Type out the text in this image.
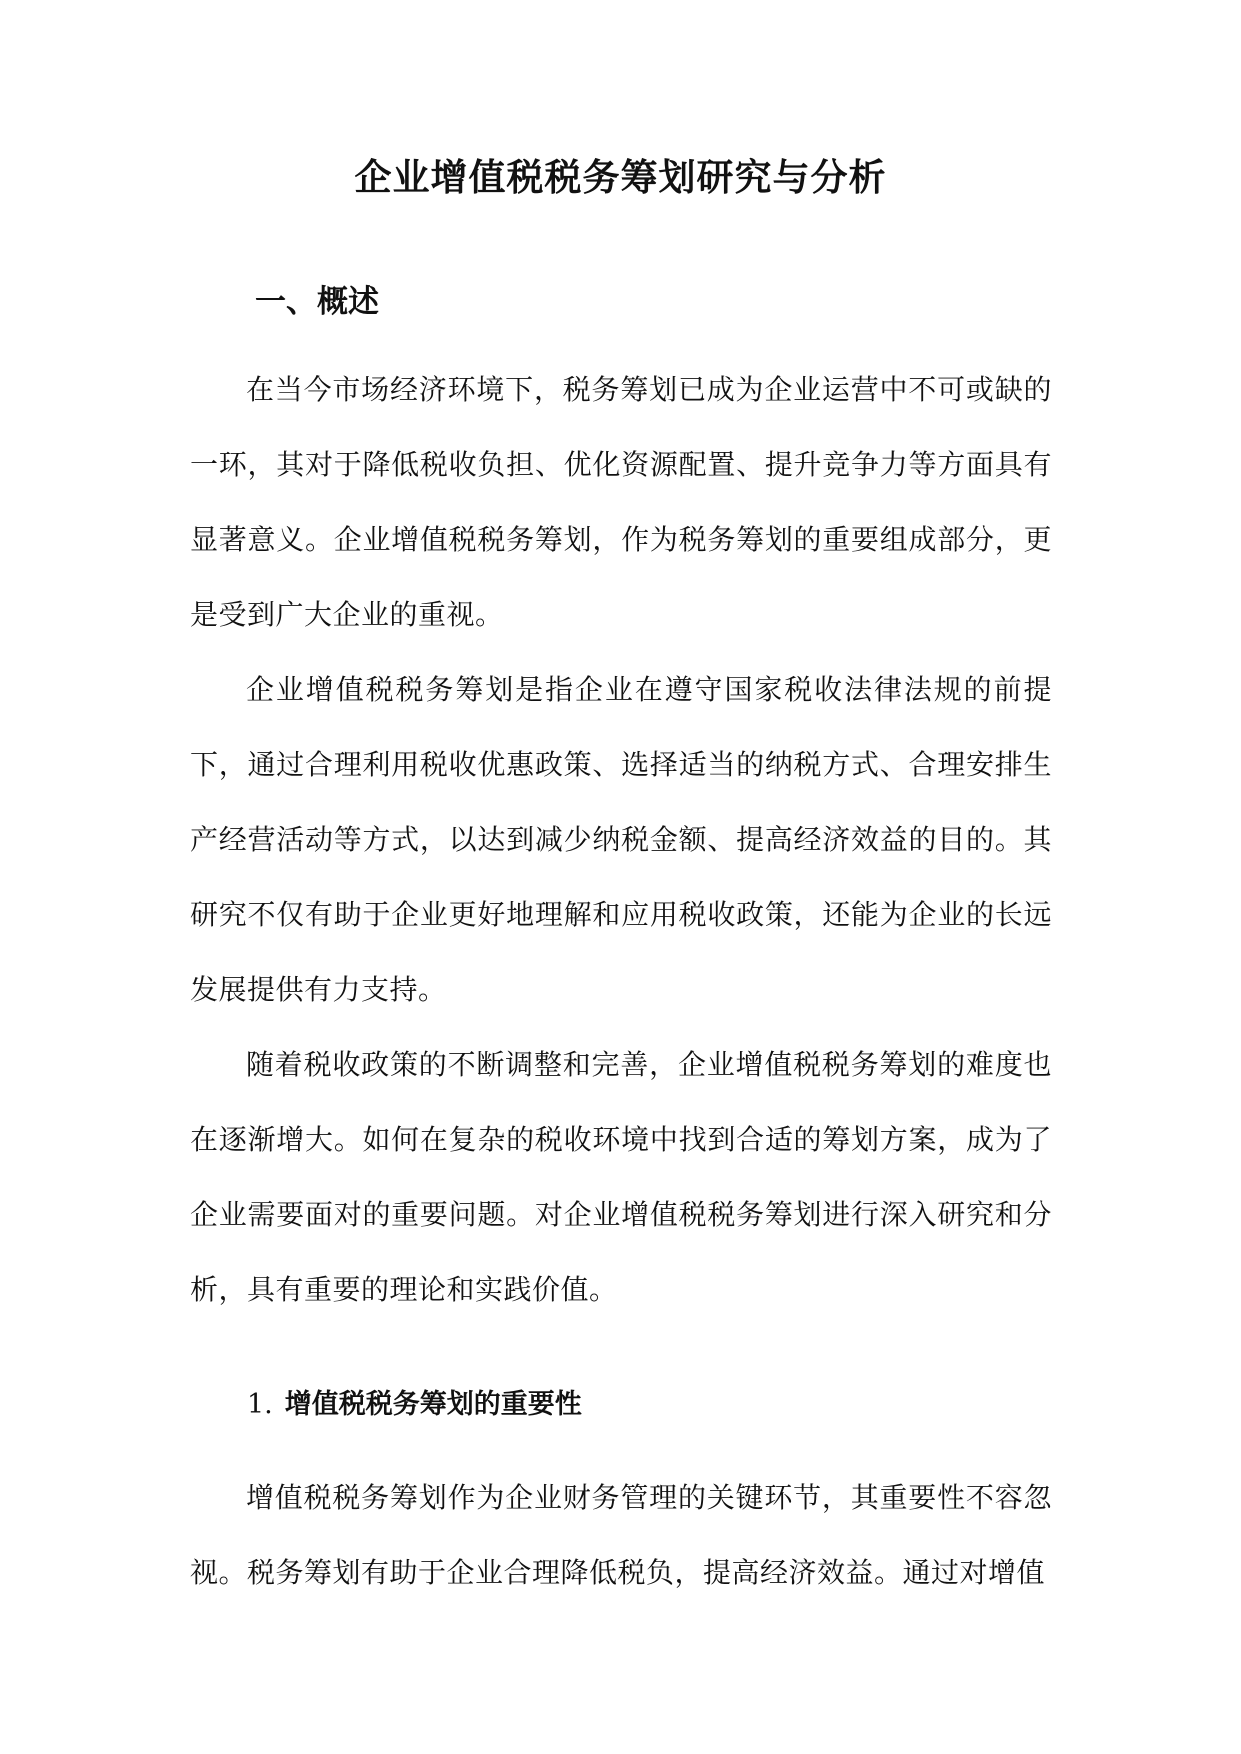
企业增值税税务筹划研究与分析
一、概述

在当今市场经济环境下，税务筹划已成为企业运营中不可或缺的一环，其对于降低税收负担、优化资源配置、提升竞争力等方面具有显著意义。企业增值税税务筹划，作为税务筹划的重要组成部分，更是受到广大企业的重视。

企业增值税税务筹划是指企业在遵守国家税收法律法规的前提下，通过合理利用税收优惠政策、选择适当的纳税方式、合理安排生产经营活动等方式，以达到减少纳税金额、提高经济效益的目的。其研究不仅有助于企业更好地理解和应用税收政策，还能为企业的长远发展提供有力支持。

随着税收政策的不断调整和完善，企业增值税税务筹划的难度也在逐渐增大。如何在复杂的税收环境中找到合适的筹划方案，成为了企业需要面对的重要问题。对企业增值税税务筹划进行深入研究和分析，具有重要的理论和实践价值。

1. 增值税税务筹划的重要性

增值税税务筹划作为企业财务管理的关键环节，其重要性不容忽视。税务筹划有助于企业合理降低税负，提高经济效益。通过对增值
